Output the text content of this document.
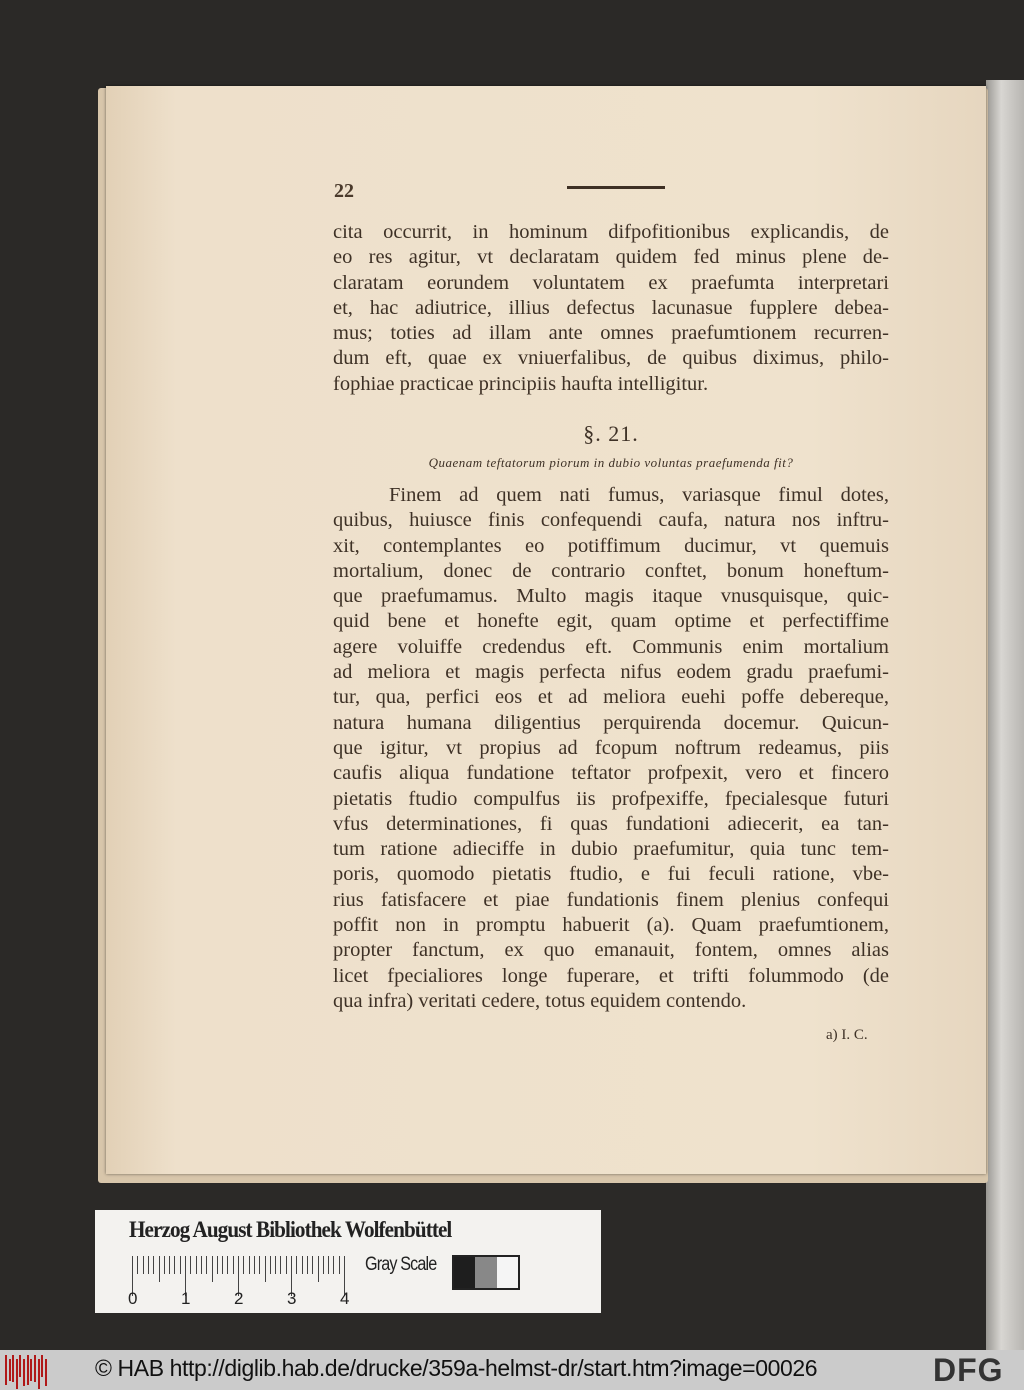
22
cita occurrit, in hominum difpofitionibus explicandis, de
eo res agitur, vt declaratam quidem fed minus plene de-
claratam eorundem voluntatem ex praefumta interpretari
et, hac adiutrice, illius defectus lacunasue fupplere debea-
mus; toties ad illam ante omnes praefumtionem recurren-
dum eft, quae ex vniuerfalibus, de quibus diximus, philo-
fophiae practicae principiis haufta intelligitur.
§. 21.
Quaenam teftatorum piorum in dubio voluntas praefumenda fit?
Finem ad quem nati fumus, variasque fimul dotes,
quibus, huiusce finis confequendi caufa, natura nos inftru-
xit, contemplantes eo potiffimum ducimur, vt quemuis
mortalium, donec de contrario conftet, bonum honeftum-
que praefumamus. Multo magis itaque vnusquisque, quic-
quid bene et honefte egit, quam optime et perfectiffime
agere voluiffe credendus eft. Communis enim mortalium
ad meliora et magis perfecta nifus eodem gradu praefumi-
tur, qua, perfici eos et ad meliora euehi poffe debereque,
natura humana diligentius perquirenda docemur. Quicun-
que igitur, vt propius ad fcopum noftrum redeamus, piis
caufis aliqua fundatione teftator profpexit, vero et fincero
pietatis ftudio compulfus iis profpexiffe, fpecialesque futuri
vfus determinationes, fi quas fundationi adiecerit, ea tan-
tum ratione adieciffe in dubio praefumitur, quia tunc tem-
poris, quomodo pietatis ftudio, e fui feculi ratione, vbe-
rius fatisfacere et piae fundationis finem plenius confequi
poffit non in promptu habuerit (a). Quam praefumtionem,
propter fanctum, ex quo emanauit, fontem, omnes alias
licet fpecialiores longe fuperare, et trifti folummodo (de
qua infra) veritati cedere, totus equidem contendo.
a) I. C.
Herzog August Bibliothek Wolfenbüttel
Gray Scale
0	1	2	3	4
© HAB http://diglib.hab.de/drucke/359a-helmst-dr/start.htm?image=00026	DFG
